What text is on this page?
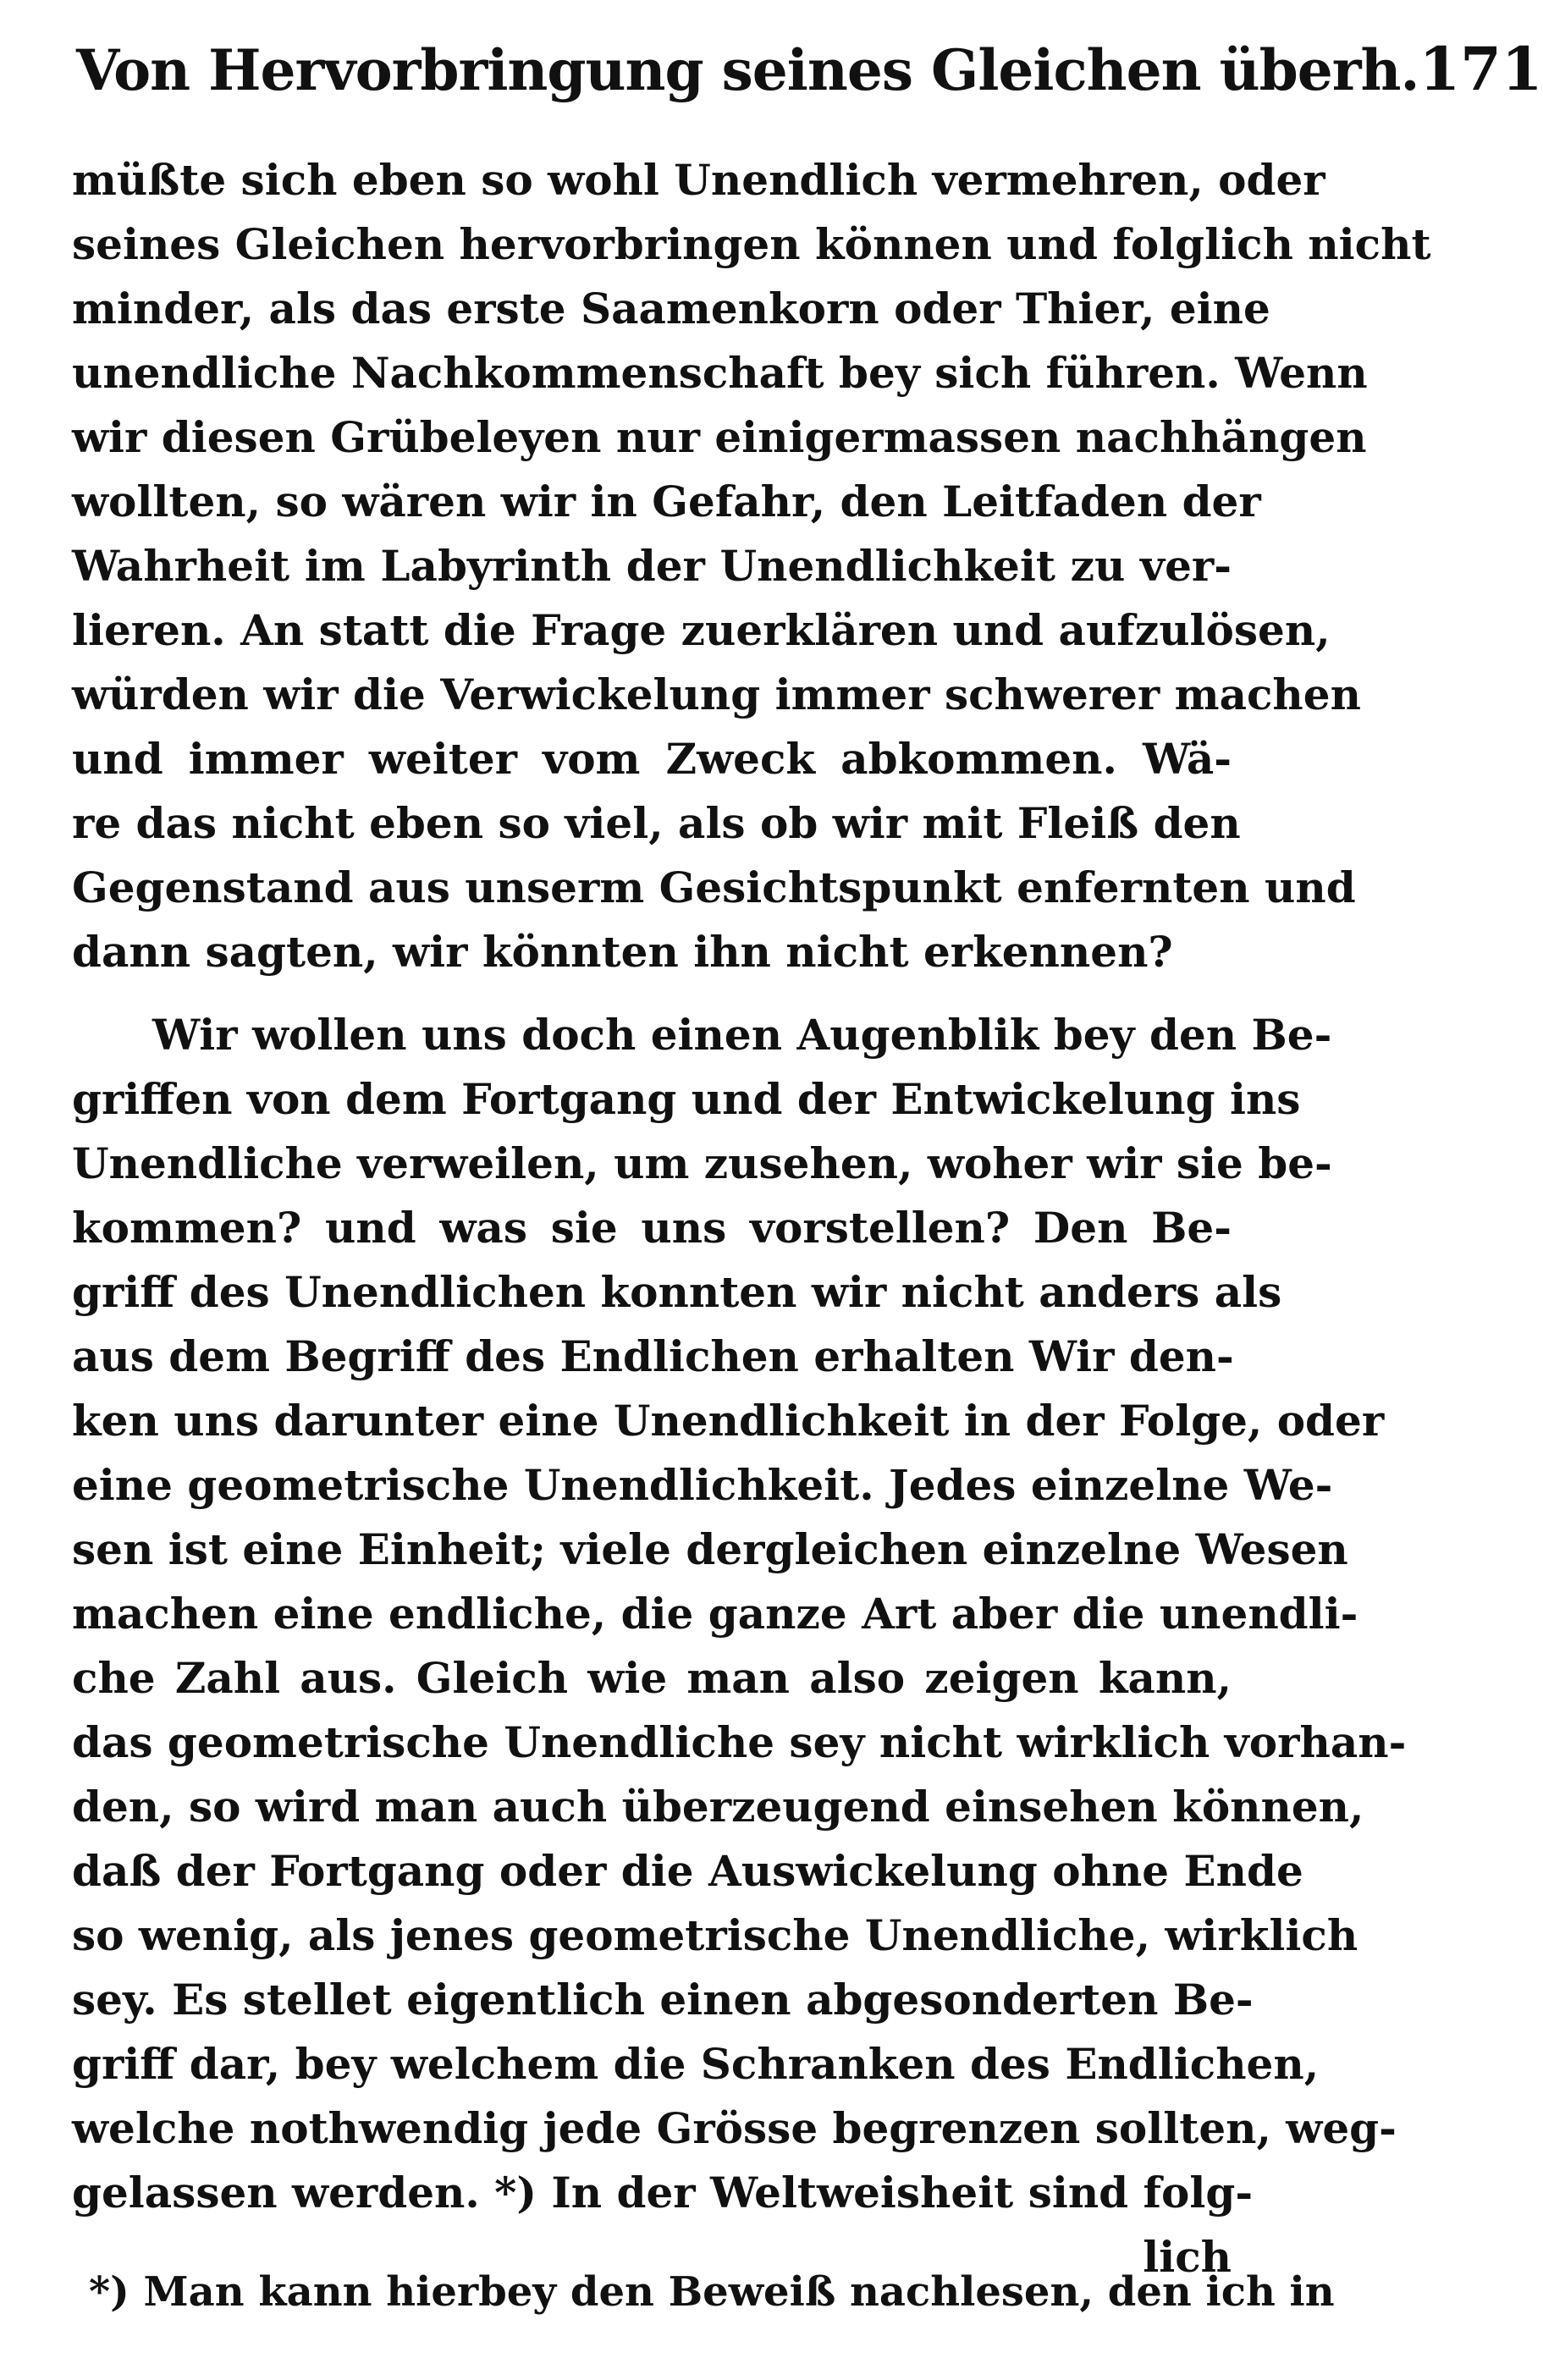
Von Hervorbringung seines Gleichen überh. 171
müßte sich eben so wohl Unendlich vermehren, oder
seines Gleichen hervorbringen können und folglich nicht
minder, als das erste Saamenkorn oder Thier, eine
unendliche Nachkommenschaft bey sich führen. Wenn
wir diesen Grübeleyen nur einigermassen nachhängen
wollten, so wären wir in Gefahr, den Leitfaden der
Wahrheit im Labyrinth der Unendlichkeit zu ver-
lieren. An statt die Frage zuerklären und aufzulösen,
würden wir die Verwickelung immer schwerer machen
und immer weiter vom Zweck abkommen. Wä-
re das nicht eben so viel, als ob wir mit Fleiß den
Gegenstand aus unserm Gesichtspunkt enfernten und
dann sagten, wir könnten ihn nicht erkennen?
Wir wollen uns doch einen Augenblik bey den Be-
griffen von dem Fortgang und der Entwickelung ins
Unendliche verweilen, um zusehen, woher wir sie be-
kommen? und was sie uns vorstellen? Den Be-
griff des Unendlichen konnten wir nicht anders als
aus dem Begriff des Endlichen erhalten Wir den-
ken uns darunter eine Unendlichkeit in der Folge, oder
eine geometrische Unendlichkeit. Jedes einzelne We-
sen ist eine Einheit; viele dergleichen einzelne Wesen
machen eine endliche, die ganze Art aber die unendli-
che Zahl aus. Gleich wie man also zeigen kann,
das geometrische Unendliche sey nicht wirklich vorhan-
den, so wird man auch überzeugend einsehen können,
daß der Fortgang oder die Auswickelung ohne Ende
so wenig, als jenes geometrische Unendliche, wirklich
sey. Es stellet eigentlich einen abgesonderten Be-
griff dar, bey welchem die Schranken des Endlichen,
welche nothwendig jede Grösse begrenzen sollten, weg-
gelassen werden. *) In der Weltweisheit sind folg-
lich
*) Man kann hierbey den Beweiß nachlesen, den ich in
